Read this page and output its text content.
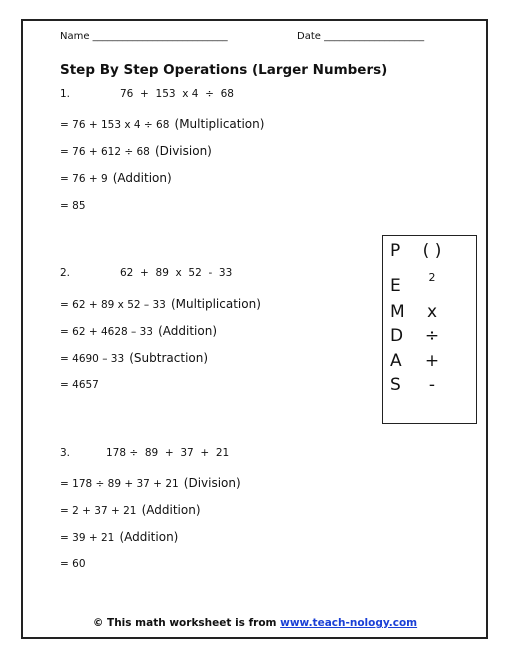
Name ___________________________	Date ____________________
Step By Step Operations (Larger Numbers)
1.	76  +  153  x 4  ÷  68
= 76 + 153 x 4 ÷ 68 (Multiplication)
= 76 + 612 ÷ 68 (Division)
= 76 + 9 (Addition)
= 85
2.	62  +  89  x  52  -  33
= 62 + 89 x 52 – 33 (Multiplication)
= 62 + 4628 – 33 (Addition)
= 4690 – 33 (Subtraction)
= 4657
3.	178 ÷  89  +  37  +  21
= 178 ÷ 89 + 37 + 21 (Division)
= 2 + 37 + 21 (Addition)
= 39 + 21 (Addition)
= 60
P ( )
E	2
M	x
D ÷
A +
S	-
© This math worksheet is from www.teach-nology.com
